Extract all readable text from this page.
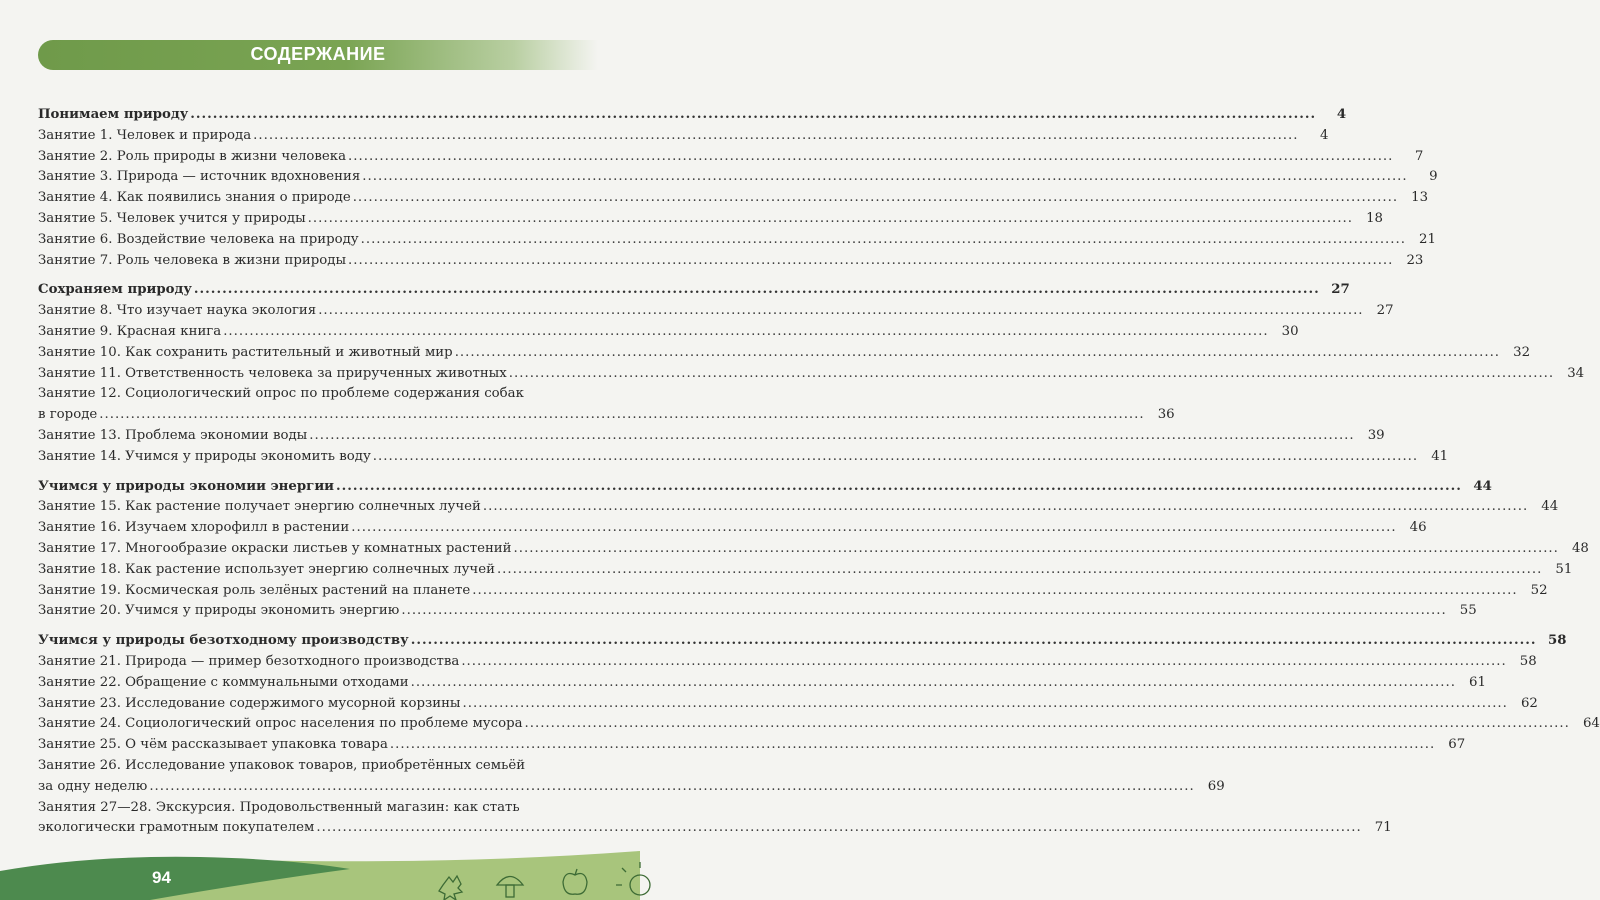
СОДЕРЖАНИЕ
Понимаем природу ........................................................................................................................................................................................................	4
Занятие 1. Человек и природа ........................................................................................................................................................................................................	4
Занятие 2. Роль природы в жизни человека ........................................................................................................................................................................................................	7
Занятие 3. Природа — источник вдохновения ........................................................................................................................................................................................................	9
Занятие 4. Как появились знания о природе ........................................................................................................................................................................................................ 13
Занятие 5. Человек учится у природы ........................................................................................................................................................................................................ 18
Занятие 6. Воздействие человека на природу ........................................................................................................................................................................................................ 21
Занятие 7. Роль человека в жизни природы ........................................................................................................................................................................................................ 23
Сохраняем природу ........................................................................................................................................................................................................ 27
Занятие 8. Что изучает наука экология ........................................................................................................................................................................................................ 27
Занятие 9. Красная книга ........................................................................................................................................................................................................ 30
Занятие 10. Как сохранить растительный и животный мир ........................................................................................................................................................................................................ 32
Занятие 11. Ответственность человека за прирученных животных ........................................................................................................................................................................................................ 34
Занятие 12. Социологический опрос по проблеме содержания собак
в городе ........................................................................................................................................................................................................ 36
Занятие 13. Проблема экономии воды ........................................................................................................................................................................................................ 39
Занятие 14. Учимся у природы экономить воду ........................................................................................................................................................................................................ 41
Учимся у природы экономии энергии ........................................................................................................................................................................................................ 44
Занятие 15. Как растение получает энергию солнечных лучей ........................................................................................................................................................................................................ 44
Занятие 16. Изучаем хлорофилл в растении ........................................................................................................................................................................................................ 46
Занятие 17. Многообразие окраски листьев у комнатных растений ........................................................................................................................................................................................................ 48
Занятие 18. Как растение использует энергию солнечных лучей ........................................................................................................................................................................................................ 51
Занятие 19. Космическая роль зелёных растений на планете ........................................................................................................................................................................................................ 52
Занятие 20. Учимся у природы экономить энергию ........................................................................................................................................................................................................ 55
Учимся у природы безотходному производству ........................................................................................................................................................................................................ 58
Занятие 21. Природа — пример безотходного производства ........................................................................................................................................................................................................ 58
Занятие 22. Обращение с коммунальными отходами ........................................................................................................................................................................................................ 61
Занятие 23. Исследование содержимого мусорной корзины ........................................................................................................................................................................................................ 62
Занятие 24. Социологический опрос населения по проблеме мусора ........................................................................................................................................................................................................ 64
Занятие 25. О чём рассказывает упаковка товара ........................................................................................................................................................................................................ 67
Занятие 26. Исследование упаковок товаров, приобретённых семьёй
за одну неделю ........................................................................................................................................................................................................ 69
Занятия 27—28. Экскурсия. Продовольственный магазин: как стать
экологически грамотным покупателем ........................................................................................................................................................................................................ 71
94
